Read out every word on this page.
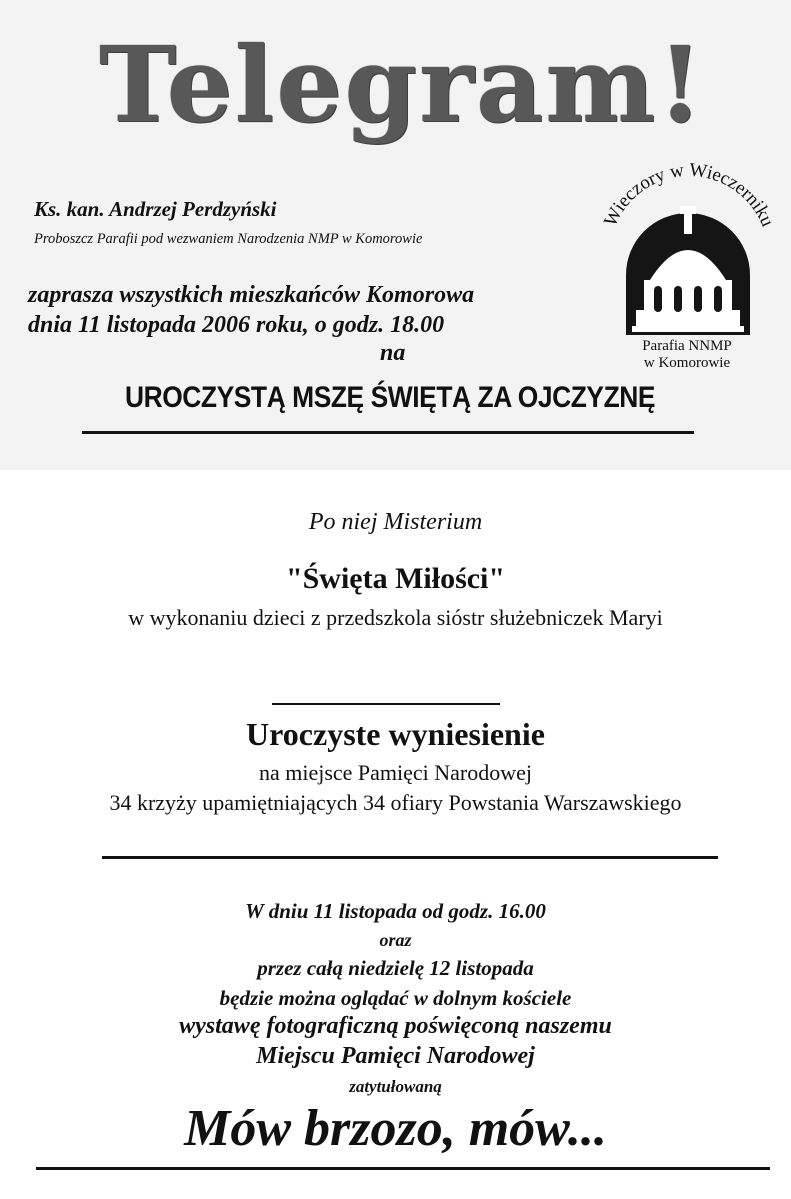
Telegram!
Ks. kan. Andrzej Perdzyński
Proboszcz Parafii pod wezwaniem Narodzenia NMP w Komorowie
zaprasza wszystkich mieszkańców Komorowa
dnia 11 listopada 2006 roku, o godz. 18.00
na
UROCZYSTĄ MSZĘ ŚWIĘTĄ ZA OJCZYZNĘ
Wieczory w Wieczerniku
Parafia NNMP
w Komorowie
Po niej Misterium
"Święta Miłości"
w wykonaniu dzieci z przedszkola sióstr służebniczek Maryi
Uroczyste wyniesienie
na miejsce Pamięci Narodowej
34 krzyży upamiętniających 34 ofiary Powstania Warszawskiego
W dniu 11 listopada od godz. 16.00
oraz
przez całą niedzielę 12 listopada
będzie można oglądać w dolnym kościele
wystawę fotograficzną poświęconą naszemu
Miejscu Pamięci Narodowej
zatytułowaną
Mów brzozo, mów...
